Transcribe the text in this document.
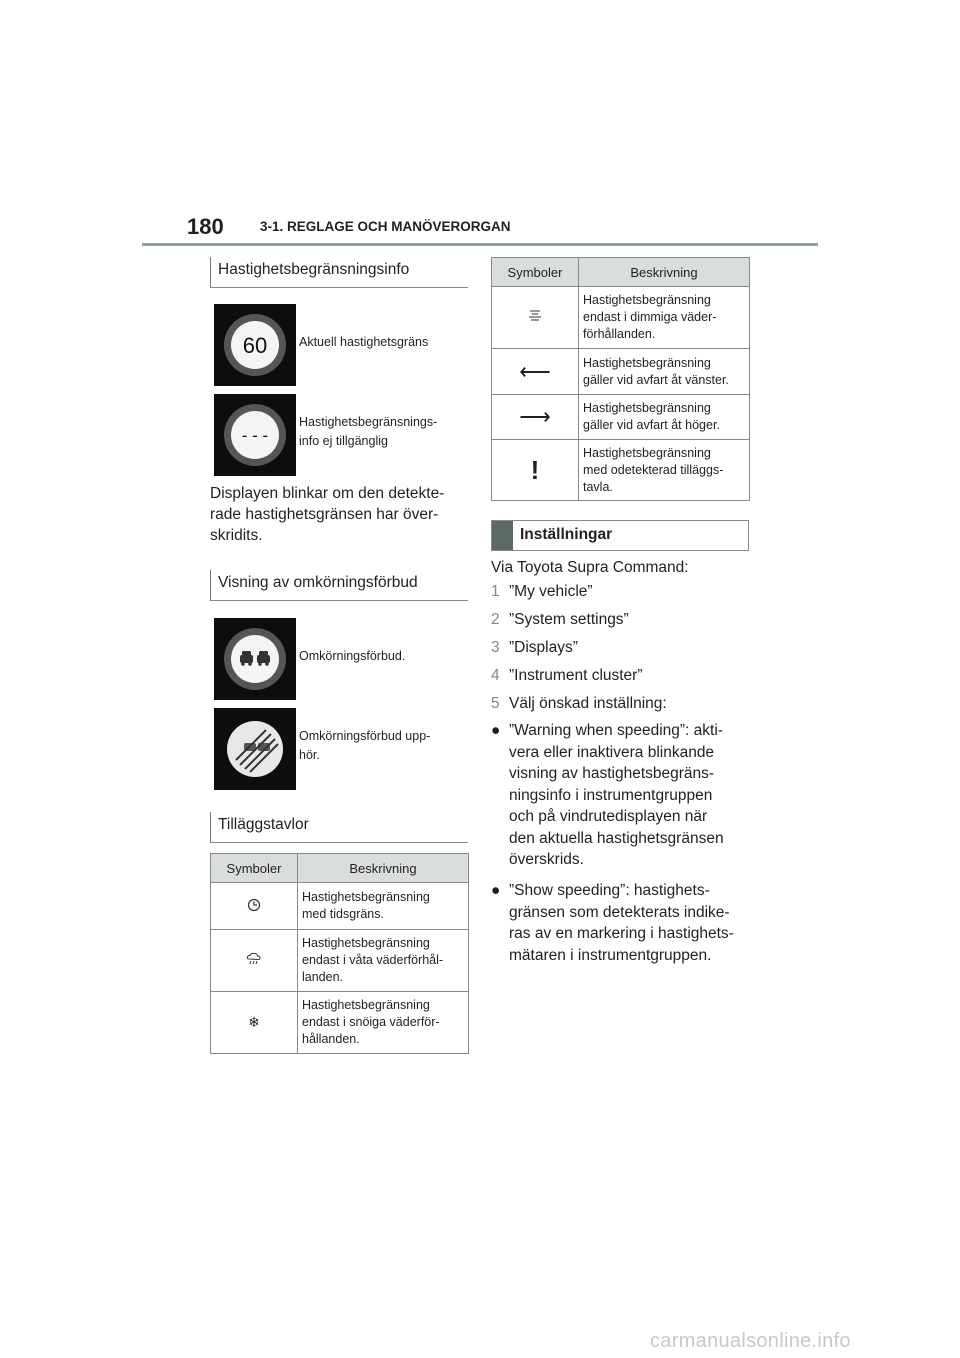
180	3-1. REGLAGE OCH MANÖVERORGAN
Hastighetsbegränsningsinfo
60	Aktuell hastighetsgräns
- - -
Hastighetsbegränsnings-
info ej tillgänglig
Displayen blinkar om den detekte-
rade hastighetsgränsen har över-
skridits.
Visning av omkörningsförbud
Omkörningsförbud.
Omkörningsförbud upp-
hör.
Tilläggstavlor
Symboler	Beskrivning
	Hastighetsbegränsning
med tidsgräns.
	Hastighetsbegränsning
endast i våta väderförhål-
landen.
❄	Hastighetsbegränsning
endast i snöiga väderför-
hållanden.
Symboler	Beskrivning
	Hastighetsbegränsning
endast i dimmiga väder-
förhållanden.
⟵	Hastighetsbegränsning
gäller vid avfart åt vänster.
⟶	Hastighetsbegränsning
gäller vid avfart åt höger.
!	Hastighetsbegränsning
med odetekterad tilläggs-
tavla.
Inställningar
Via Toyota Supra Command:
1 ”My vehicle”
2 ”System settings”
3 ”Displays”
4 ”Instrument cluster”
5 Välj önskad inställning:
● ”Warning when speeding”: akti-
vera eller inaktivera blinkande
visning av hastighetsbegräns-
ningsinfo i instrumentgruppen
och på vindrutedisplayen när
den aktuella hastighetsgränsen
överskrids.
● ”Show speeding”: hastighets-
gränsen som detekterats indike-
ras av en markering i hastighets-
mätaren i instrumentgruppen.
carmanualsonline.info
